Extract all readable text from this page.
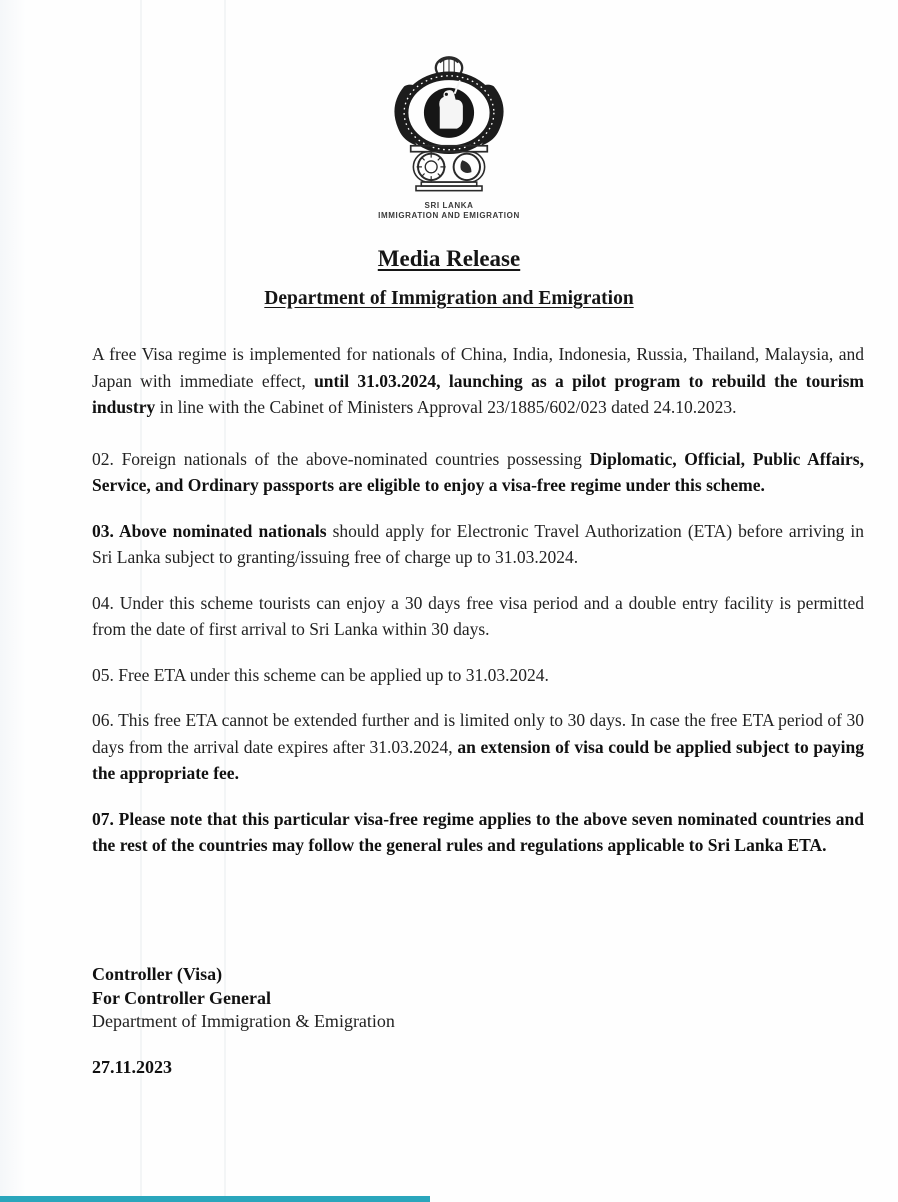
SRI LANKA
IMMIGRATION AND EMIGRATION
Media Release
Department of Immigration and Emigration

A free Visa regime is implemented for nationals of China, India, Indonesia, Russia, Thailand, Malaysia, and Japan with immediate effect, until 31.03.2024, launching as a pilot program to rebuild the tourism industry in line with the Cabinet of Ministers Approval 23/1885/602/023 dated 24.10.2023.

02. Foreign nationals of the above-nominated countries possessing Diplomatic, Official, Public Affairs, Service, and Ordinary passports are eligible to enjoy a visa-free regime under this scheme.

03. Above nominated nationals should apply for Electronic Travel Authorization (ETA) before arriving in Sri Lanka subject to granting/issuing free of charge up to 31.03.2024.

04. Under this scheme tourists can enjoy a 30 days free visa period and a double entry facility is permitted from the date of first arrival to Sri Lanka within 30 days.

05. Free ETA under this scheme can be applied up to 31.03.2024.

06. This free ETA cannot be extended further and is limited only to 30 days. In case the free ETA period of 30 days from the arrival date expires after 31.03.2024, an extension of visa could be applied subject to paying the appropriate fee.

07. Please note that this particular visa-free regime applies to the above seven nominated countries and the rest of the countries may follow the general rules and regulations applicable to Sri Lanka ETA.

Controller (Visa)
For Controller General
Department of Immigration & Emigration
27.11.2023
